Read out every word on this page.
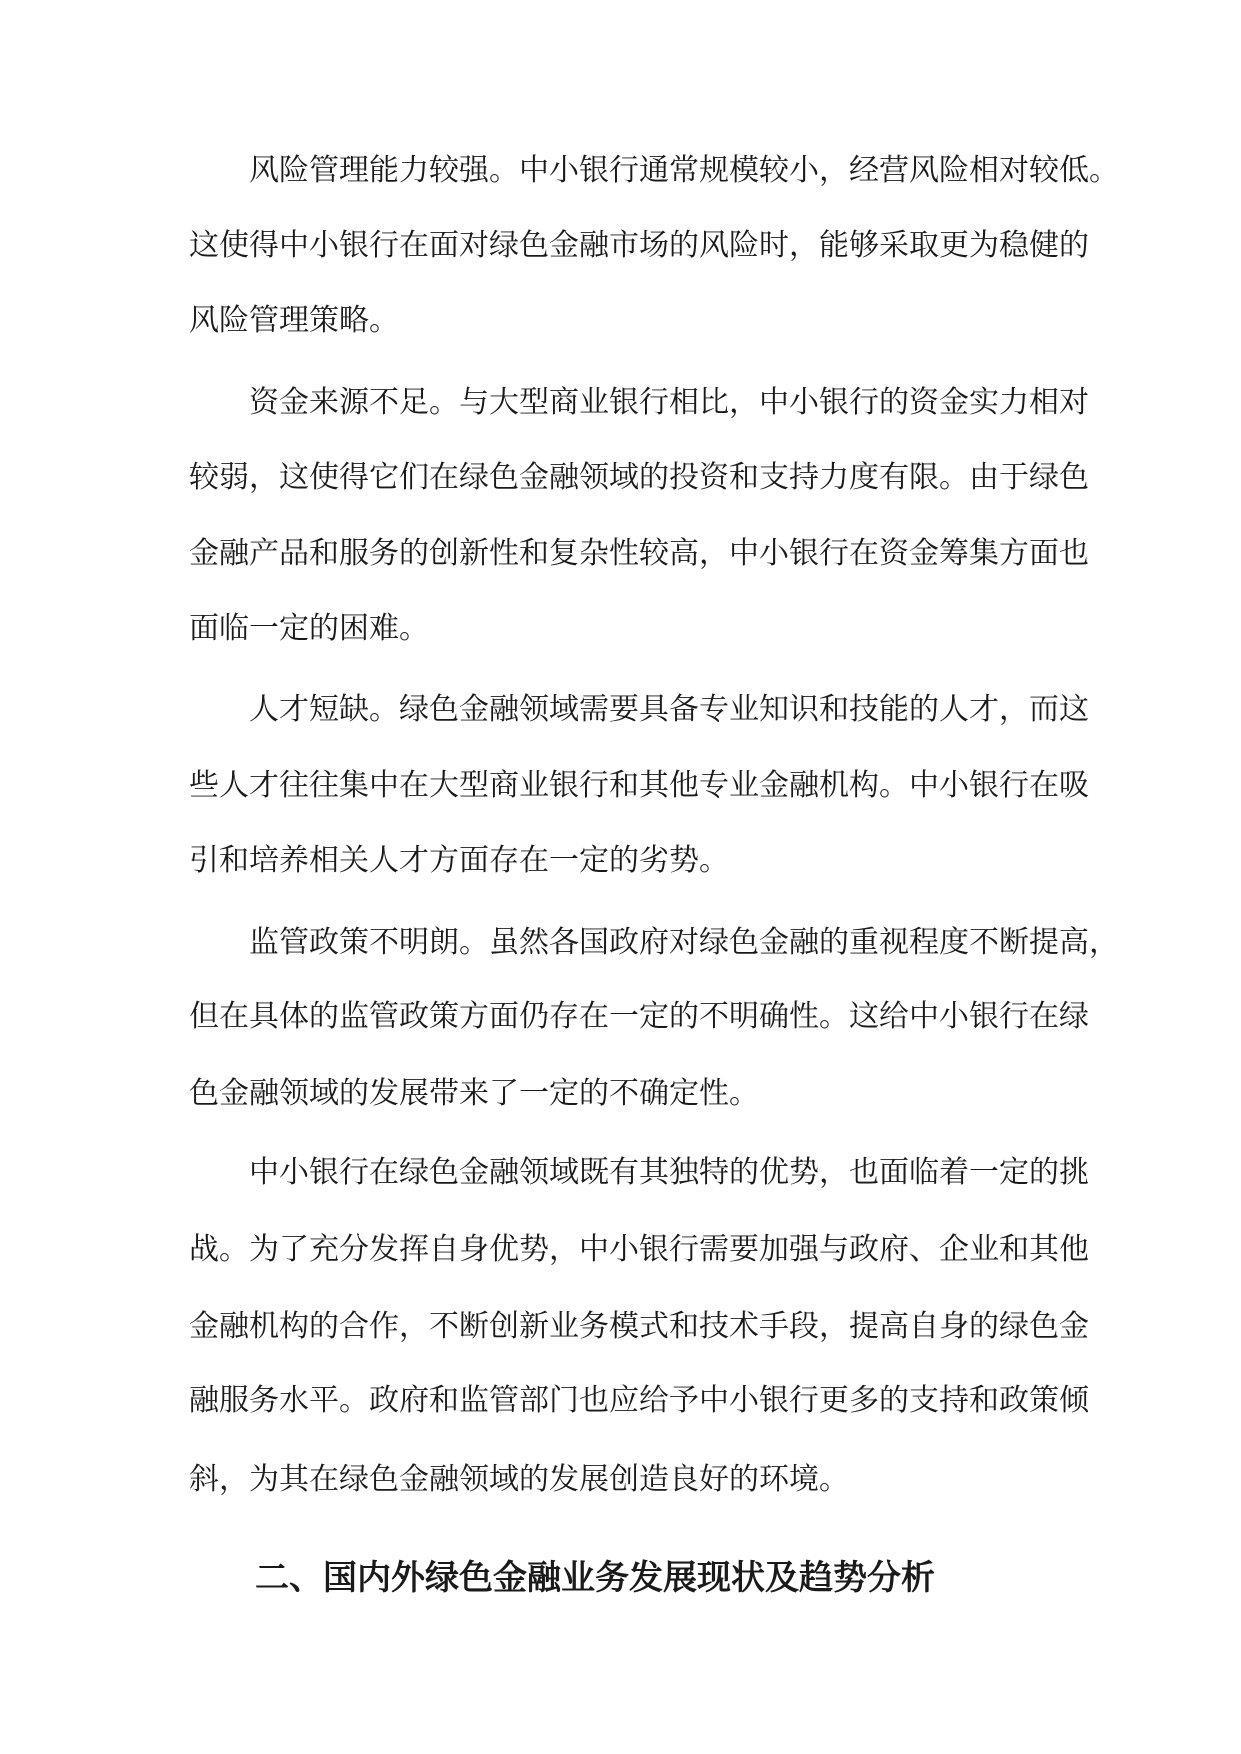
风险管理能力较强。中小银行通常规模较小，经营风险相对较低。
这使得中小银行在面对绿色金融市场的风险时，能够采取更为稳健的
风险管理策略。
资金来源不足。与大型商业银行相比，中小银行的资金实力相对
较弱，这使得它们在绿色金融领域的投资和支持力度有限。由于绿色
金融产品和服务的创新性和复杂性较高，中小银行在资金筹集方面也
面临一定的困难。
人才短缺。绿色金融领域需要具备专业知识和技能的人才，而这
些人才往往集中在大型商业银行和其他专业金融机构。中小银行在吸
引和培养相关人才方面存在一定的劣势。
监管政策不明朗。虽然各国政府对绿色金融的重视程度不断提高，
但在具体的监管政策方面仍存在一定的不明确性。这给中小银行在绿
色金融领域的发展带来了一定的不确定性。
中小银行在绿色金融领域既有其独特的优势，也面临着一定的挑
战。为了充分发挥自身优势，中小银行需要加强与政府、企业和其他
金融机构的合作，不断创新业务模式和技术手段，提高自身的绿色金
融服务水平。政府和监管部门也应给予中小银行更多的支持和政策倾
斜，为其在绿色金融领域的发展创造良好的环境。
二、国内外绿色金融业务发展现状及趋势分析
